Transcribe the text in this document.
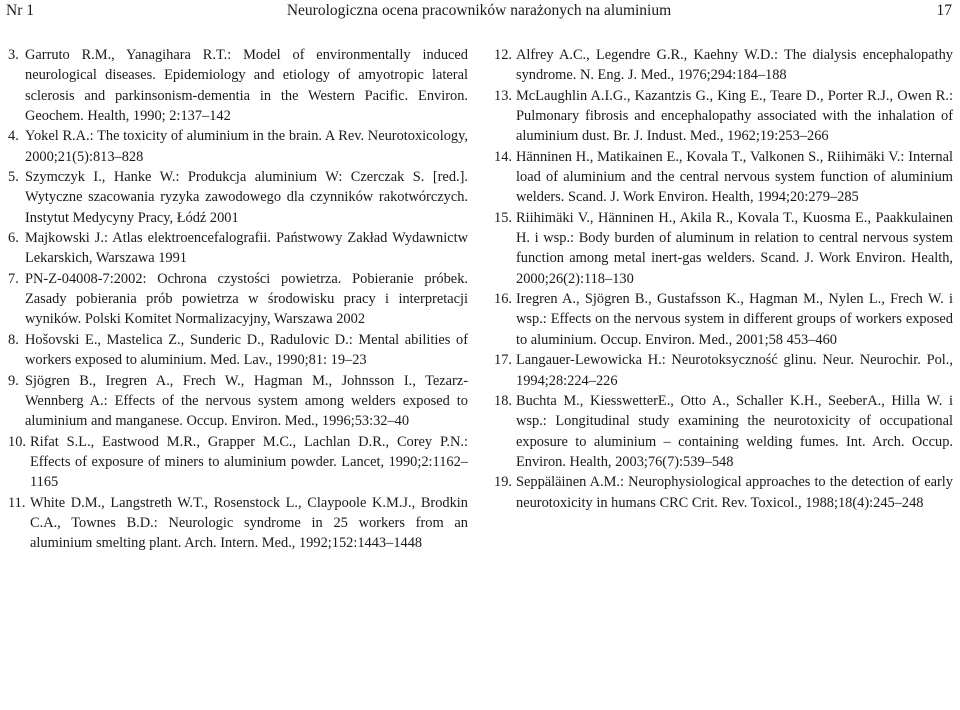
Nr 1	Neurologiczna ocena pracowników narażonych na aluminium	17

3. Garruto R.M., Yanagihara R.T.: Model of environmentally induced neurological diseases. Epidemiology and etiology of amyotropic lateral sclerosis and parkinsonism-dementia in the Western Pacific. Environ. Geochem. Health, 1990; 2:137–142

4. Yokel R.A.: The toxicity of aluminium in the brain. A Rev. Neurotoxicology, 2000;21(5):813–828

5. Szymczyk I., Hanke W.: Produkcja aluminium W: Czerczak S. [red.]. Wytyczne szacowania ryzyka zawodowego dla czynników rakotwórczych. Instytut Medycyny Pracy, Łódź 2001

6. Majkowski J.: Atlas elektroencefalografii. Państwowy Zakład Wydawnictw Lekarskich, Warszawa 1991

7. PN-Z-04008-7:2002: Ochrona czystości powietrza. Pobieranie próbek. Zasady pobierania prób powietrza w środowisku pracy i interpretacji wyników. Polski Komitet Normalizacyjny, Warszawa 2002

8. Hošovski E., Mastelica Z., Sunderic D., Radulovic D.: Mental abilities of workers exposed to aluminium. Med. Lav., 1990;81: 19–23

9. Sjögren B., Iregren A., Frech W., Hagman M., Johnsson I., Tezarz- Wennberg A.: Effects of the nervous system among welders exposed to aluminium and manganese. Occup. Environ. Med., 1996;53:32–40

10. Rifat S.L., Eastwood M.R., Grapper M.C., Lachlan D.R., Corey P.N.: Effects of exposure of miners to aluminium powder. Lancet, 1990;2:1162–1165

11. White D.M., Langstreth W.T., Rosenstock L., Claypoole K.M.J., Brodkin C.A., Townes B.D.: Neurologic syndrome in 25 workers from an aluminium smelting plant. Arch. Intern. Med., 1992;152:1443–1448

12. Alfrey A.C., Legendre G.R., Kaehny W.D.: The dialysis encephalopathy syndrome. N. Eng. J. Med., 1976;294:184–188

13. McLaughlin A.I.G., Kazantzis G., King E., Teare D., Porter R.J., Owen R.: Pulmonary fibrosis and encephalopathy associated with the inhalation of aluminium dust. Br. J. Indust. Med., 1962;19:253–266

14. Hänninen H., Matikainen E., Kovala T., Valkonen S., Riihimäki V.: Internal load of aluminium and the central nervous system function of aluminium welders. Scand. J. Work Environ. Health, 1994;20:279–285

15. Riihimäki V., Hänninen H., Akila R., Kovala T., Kuosma E., Paakkulainen H. i wsp.: Body burden of aluminum in relation to central nervous system function among metal inert-gas welders. Scand. J. Work Environ. Health, 2000;26(2):118–130

16. Iregren A., Sjögren B., Gustafsson K., Hagman M., Nylen L., Frech W. i wsp.: Effects on the nervous system in different groups of workers exposed to aluminium. Occup. Environ. Med., 2001;58 453–460

17. Langauer-Lewowicka H.: Neurotoksyczność glinu. Neur. Neurochir. Pol., 1994;28:224–226

18. Buchta M., KiesswetterE., Otto A., Schaller K.H., SeeberA., Hilla W. i wsp.: Longitudinal study examining the neurotoxicity of occupational exposure to aluminium – containing welding fumes. Int. Arch. Occup. Environ. Health, 2003;76(7):539–548

19. Seppäläinen A.M.: Neurophysiological approaches to the detection of early neurotoxicity in humans CRC Crit. Rev. Toxicol., 1988;18(4):245–248
